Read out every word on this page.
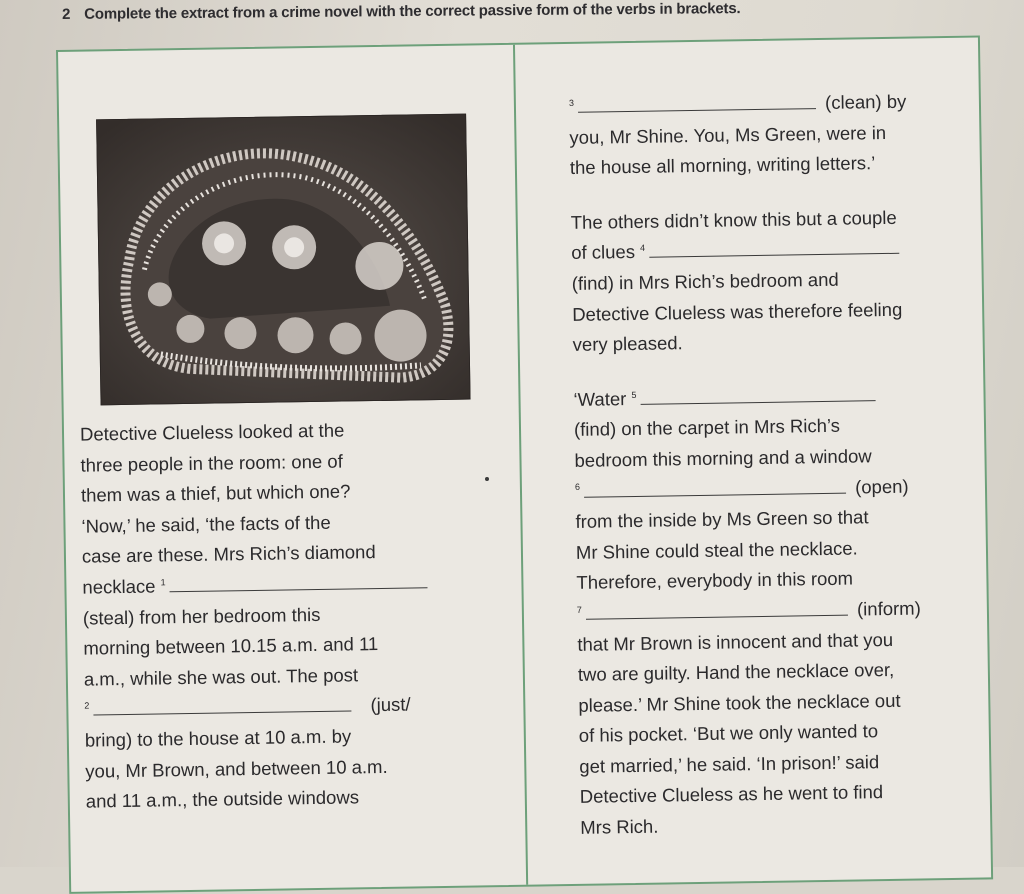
2 Complete the extract from a crime novel with the correct passive form of the verbs in brackets.
Detective Clueless looked at the
three people in the room: one of
them was a thief, but which one?
‘Now,’ he said, ‘the facts of the
case are these. Mrs Rich’s diamond
necklace $^1$
(steal) from her bedroom this
morning between 10.15 a.m. and 11
a.m., while she was out. The post
$^2$	(just/
bring) to the house at 10 a.m. by
you, Mr Brown, and between 10 a.m.
and 11 a.m., the outside windows
$^3$	(clean) by
you, Mr Shine. You, Ms Green, were in
the house all morning, writing letters.’
The others didn’t know this but a couple
of clues $^4$
(find) in Mrs Rich’s bedroom and
Detective Clueless was therefore feeling
very pleased.
‘Water $^5$
(find) on the carpet in Mrs Rich’s
bedroom this morning and a window
$^6$	(open)
from the inside by Ms Green so that
Mr Shine could steal the necklace.
Therefore, everybody in this room
$^7$	(inform)
that Mr Brown is innocent and that you
two are guilty. Hand the necklace over,
please.’ Mr Shine took the necklace out
of his pocket. ‘But we only wanted to
get married,’ he said. ‘In prison!’ said
Detective Clueless as he went to find
Mrs Rich.
